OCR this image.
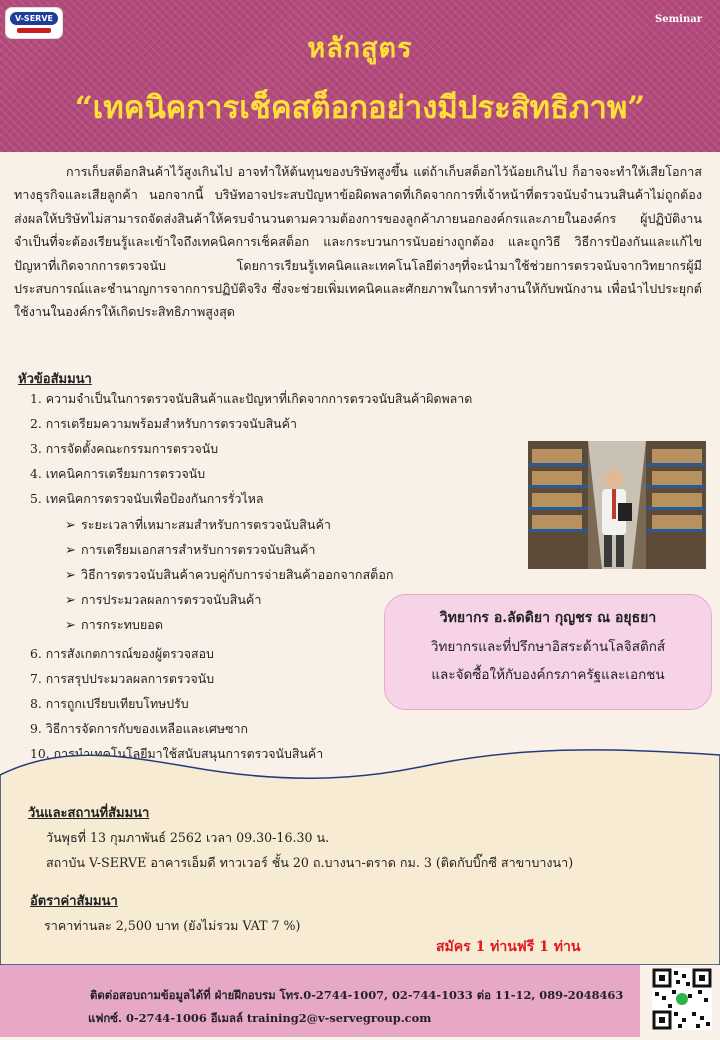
V-SERVE	Seminar
หลักสูตร
“เทคนิคการเช็คสต็อกอย่างมีประสิทธิภาพ”
การเก็บสต็อกสินค้าไว้สูงเกินไป อาจทำให้ต้นทุนของบริษัทสูงขึ้น แต่ถ้าเก็บสต็อกไว้น้อยเกินไป ก็อาจจะทำให้เสียโอกาสทางธุรกิจและเสียลูกค้า นอกจากนี้ บริษัทอาจประสบปัญหาข้อผิดพลาดที่เกิดจากการที่เจ้าหน้าที่ตรวจนับจำนวนสินค้าไม่ถูกต้อง ส่งผลให้บริษัทไม่สามารถจัดส่งสินค้าให้ครบจำนวนตามความต้องการของลูกค้าภายนอกองค์กรและภายในองค์กร ผู้ปฏิบัติงานจำเป็นที่จะต้องเรียนรู้และเข้าใจถึงเทคนิคการเช็คสต็อก และกระบวนการนับอย่างถูกต้อง และถูกวิธี วิธีการป้องกันและแก้ไขปัญหาที่เกิดจากการตรวจนับ โดยการเรียนรู้เทคนิคและเทคโนโลยีต่างๆที่จะนำมาใช้ช่วยการตรวจนับจากวิทยากรผู้มีประสบการณ์และชำนาญการจากการปฏิบัติจริง ซึ่งจะช่วยเพิ่มเทคนิคและศักยภาพในการทำงานให้กับพนักงาน เพื่อนำไปประยุกต์ใช้งานในองค์กรให้เกิดประสิทธิภาพสูงสุด
หัวข้อสัมมนา
1. ความจำเป็นในการตรวจนับสินค้าและปัญหาที่เกิดจากการตรวจนับสินค้าผิดพลาด
2. การเตรียมความพร้อมสำหรับการตรวจนับสินค้า
3. การจัดตั้งคณะกรรมการตรวจนับ
4. เทคนิคการเตรียมการตรวจนับ
5. เทคนิคการตรวจนับเพื่อป้องกันการรั่วไหล
➢ ระยะเวลาที่เหมาะสมสำหรับการตรวจนับสินค้า
➢ การเตรียมเอกสารสำหรับการตรวจนับสินค้า
➢ วิธีการตรวจนับสินค้าควบคู่กับการจ่ายสินค้าออกจากสต็อก
➢ การประมวลผลการตรวจนับสินค้า
➢ การกระทบยอด
6. การสังเกตการณ์ของผู้ตรวจสอบ
7. การสรุปประมวลผลการตรวจนับ
8. การถูกเปรียบเทียบโทษปรับ
9. วิธีการจัดการกับของเหลือและเศษซาก
10. การนำเทคโนโลยีมาใช้สนับสนุนการตรวจนับสินค้า
วิทยากร อ.ลัดดิยา กุญชร ณ อยุธยา
วิทยากรและที่ปรึกษาอิสระด้านโลจิสติกส์
และจัดซื้อให้กับองค์กรภาครัฐและเอกชน
วันและสถานที่สัมมนา
วันพุธที่ 13 กุมภาพันธ์ 2562 เวลา 09.30-16.30 น.
สถาบัน V-SERVE อาคารเอ็มดี ทาวเวอร์ ชั้น 20 ถ.บางนา-ตราด กม. 3 (ติดกับบิ๊กซี สาขาบางนา)
อัตราค่าสัมมนา
ราคาท่านละ 2,500 บาท (ยังไม่รวม VAT 7 %)
สมัคร 1 ท่านฟรี 1 ท่าน
ติดต่อสอบถามข้อมูลได้ที่ ฝ่ายฝึกอบรม โทร.0-2744-1007, 02-744-1033 ต่อ 11-12, 089-2048463
แฟกซ์. 0-2744-1006 อีเมลล์ training2@v-servegroup.com
